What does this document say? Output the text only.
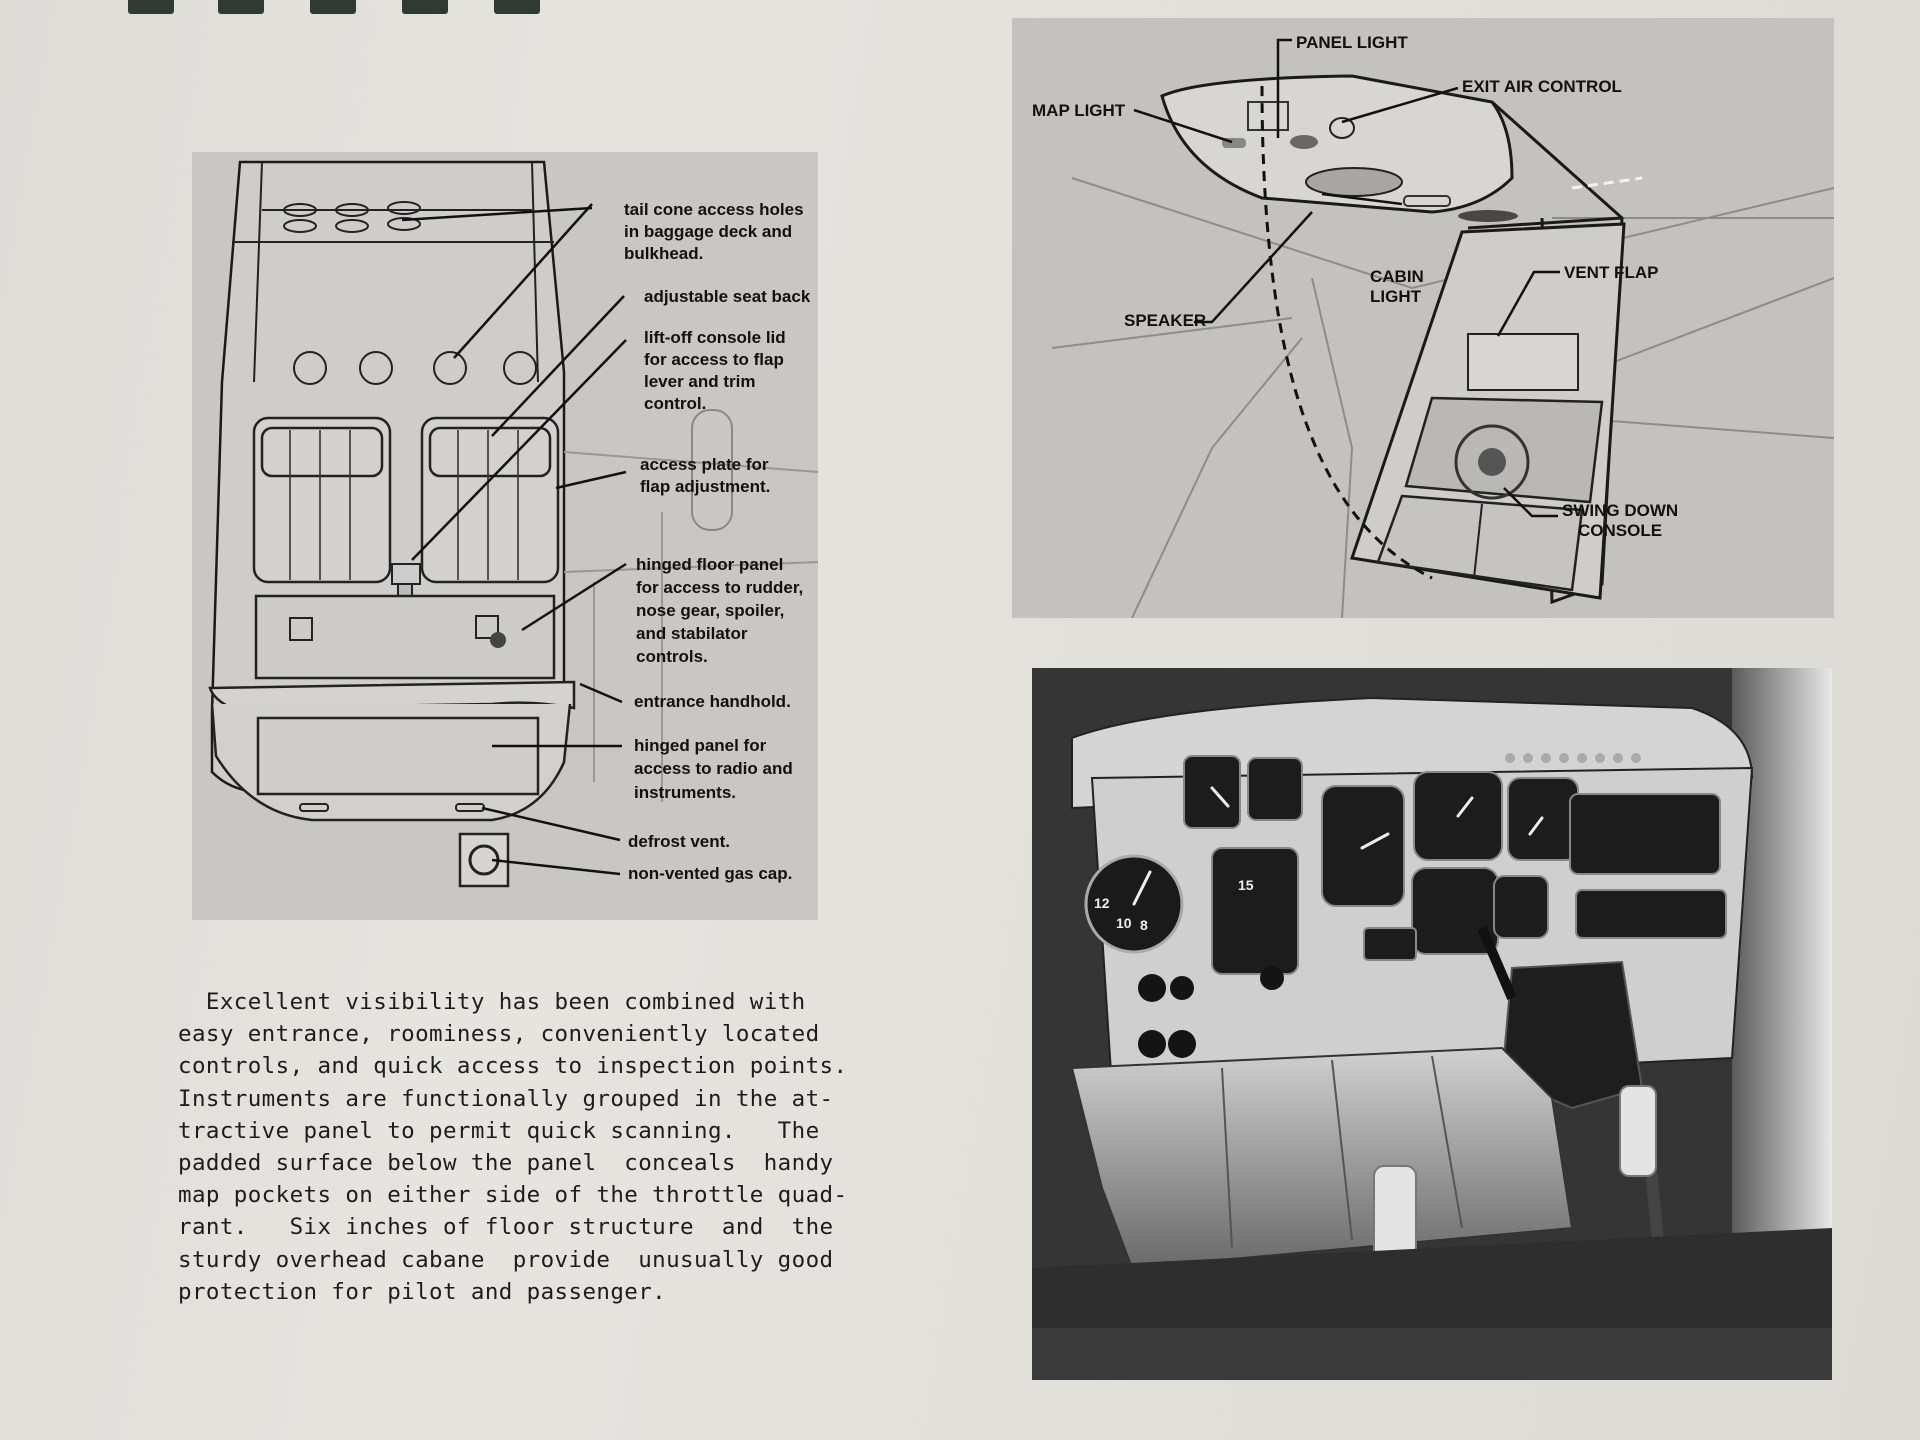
tail cone access holes
in baggage deck and
bulkhead.
adjustable seat back
lift-off console lid
for access to flap
lever and trim
control.
access plate for
flap adjustment.
hinged floor panel
for access to rudder,
nose gear, spoiler,
and stabilator
controls.
entrance handhold.
hinged panel for
access to radio and
instruments.
defrost vent.
non-vented gas cap.
Excellent visibility has been combined with
easy entrance, roominess, conveniently located
controls, and quick access to inspection points.
Instruments are functionally grouped in the at-
tractive panel to permit quick scanning.   The
padded surface below the panel  conceals  handy
map pockets on either side of the throttle quad-
rant.   Six inches of floor structure  and  the
sturdy overhead cabane  provide  unusually good
protection for pilot and passenger.
PANEL LIGHT
MAP LIGHT
EXIT AIR CONTROL
CABIN
LIGHT
VENT FLAP
SPEAKER
SWING DOWN
CONSOLE
10
12
8
15
